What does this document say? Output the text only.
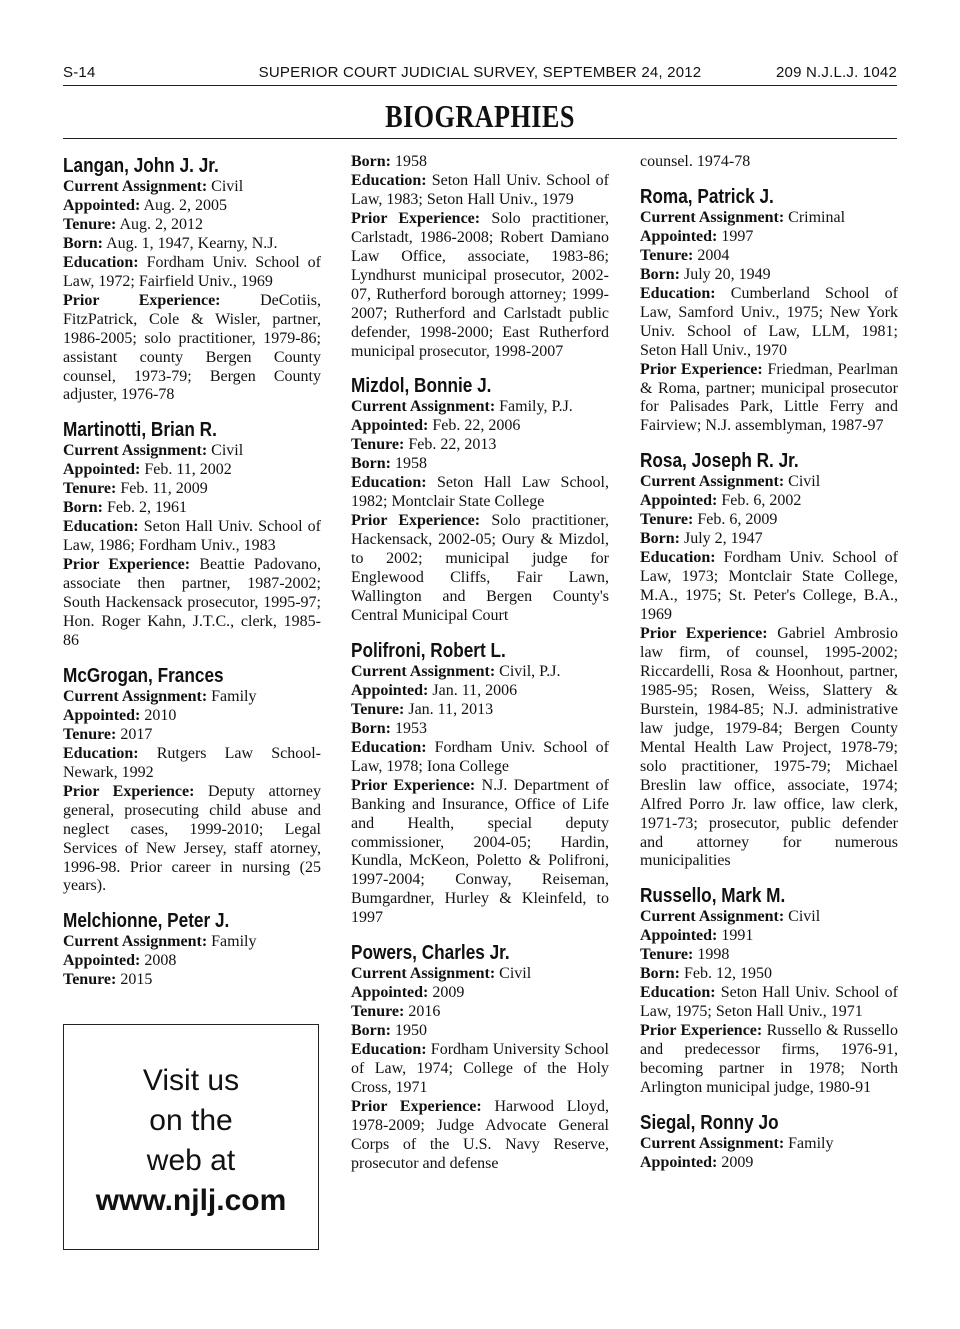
S-14	SUPERIOR COURT JUDICIAL SURVEY, SEPTEMBER 24, 2012	209 N.J.L.J. 1042
BIOGRAPHIES
Langan, John J. Jr.
Current Assignment: Civil
Appointed: Aug. 2, 2005
Tenure: Aug. 2, 2012
Born: Aug. 1, 1947, Kearny, N.J.
Education: Fordham Univ. School of Law, 1972; Fairfield Univ., 1969
Prior Experience: DeCotiis, FitzPatrick, Cole & Wisler, partner, 1986-2005; solo practitioner, 1979-86; assistant county Bergen County counsel, 1973-79; Bergen County adjuster, 1976-78
Martinotti, Brian R.
Current Assignment: Civil
Appointed: Feb. 11, 2002
Tenure: Feb. 11, 2009
Born: Feb. 2, 1961
Education: Seton Hall Univ. School of Law, 1986; Fordham Univ., 1983
Prior Experience: Beattie Padovano, associate then partner, 1987-2002; South Hackensack prosecutor, 1995-97; Hon. Roger Kahn, J.T.C., clerk, 1985-86
McGrogan, Frances
Current Assignment: Family
Appointed: 2010
Tenure: 2017
Education: Rutgers Law School-Newark, 1992
Prior Experience: Deputy attorney general, prosecuting child abuse and neglect cases, 1999-2010; Legal Services of New Jersey, staff atorney, 1996-98. Prior career in nursing (25 years).
Melchionne, Peter J.
Current Assignment: Family
Appointed: 2008
Tenure: 2015
Born: 1958
Education: Seton Hall Univ. School of Law, 1983; Seton Hall Univ., 1979
Prior Experience: Solo practitioner, Carlstadt, 1986-2008; Robert Damiano Law Office, associate, 1983-86; Lyndhurst municipal prosecutor, 2002-07, Rutherford borough attorney; 1999-2007; Rutherford and Carlstadt public defender, 1998-2000; East Rutherford municipal prosecutor, 1998-2007
Mizdol, Bonnie J.
Current Assignment: Family, P.J.
Appointed: Feb. 22, 2006
Tenure: Feb. 22, 2013
Born: 1958
Education: Seton Hall Law School, 1982; Montclair State College
Prior Experience: Solo practitioner, Hackensack, 2002-05; Oury & Mizdol, to 2002; municipal judge for Englewood Cliffs, Fair Lawn, Wallington and Bergen County's Central Municipal Court
Polifroni, Robert L.
Current Assignment: Civil, P.J.
Appointed: Jan. 11, 2006
Tenure: Jan. 11, 2013
Born: 1953
Education: Fordham Univ. School of Law, 1978; Iona College
Prior Experience: N.J. Department of Banking and Insurance, Office of Life and Health, special deputy commissioner, 2004-05; Hardin, Kundla, McKeon, Poletto & Polifroni, 1997-2004; Conway, Reiseman, Bumgardner, Hurley & Kleinfeld, to 1997
Powers, Charles Jr.
Current Assignment: Civil
Appointed: 2009
Tenure: 2016
Born: 1950
Education: Fordham University School of Law, 1974; College of the Holy Cross, 1971
Prior Experience: Harwood Lloyd, 1978-2009; Judge Advocate General Corps of the U.S. Navy Reserve, prosecutor and defense
counsel. 1974-78
Roma, Patrick J.
Current Assignment: Criminal
Appointed: 1997
Tenure: 2004
Born: July 20, 1949
Education: Cumberland School of Law, Samford Univ., 1975; New York Univ. School of Law, LLM, 1981; Seton Hall Univ., 1970
Prior Experience: Friedman, Pearlman & Roma, partner; municipal prosecutor for Palisades Park, Little Ferry and Fairview; N.J. assemblyman, 1987-97
Rosa, Joseph R. Jr.
Current Assignment: Civil
Appointed: Feb. 6, 2002
Tenure: Feb. 6, 2009
Born: July 2, 1947
Education: Fordham Univ. School of Law, 1973; Montclair State College, M.A., 1975; St. Peter's College, B.A., 1969
Prior Experience: Gabriel Ambrosio law firm, of counsel, 1995-2002; Riccardelli, Rosa & Hoonhout, partner, 1985-95; Rosen, Weiss, Slattery & Burstein, 1984-85; N.J. administrative law judge, 1979-84; Bergen County Mental Health Law Project, 1978-79; solo practitioner, 1975-79; Michael Breslin law office, associate, 1974; Alfred Porro Jr. law office, law clerk, 1971-73; prosecutor, public defender and attorney for numerous municipalities
Russello, Mark M.
Current Assignment: Civil
Appointed: 1991
Tenure: 1998
Born: Feb. 12, 1950
Education: Seton Hall Univ. School of Law, 1975; Seton Hall Univ., 1971
Prior Experience: Russello & Russello and predecessor firms, 1976-91, becoming partner in 1978; North Arlington municipal judge, 1980-91
Siegal, Ronny Jo
Current Assignment: Family
Appointed: 2009
Visit us
on the
web at
www.njlj.com
